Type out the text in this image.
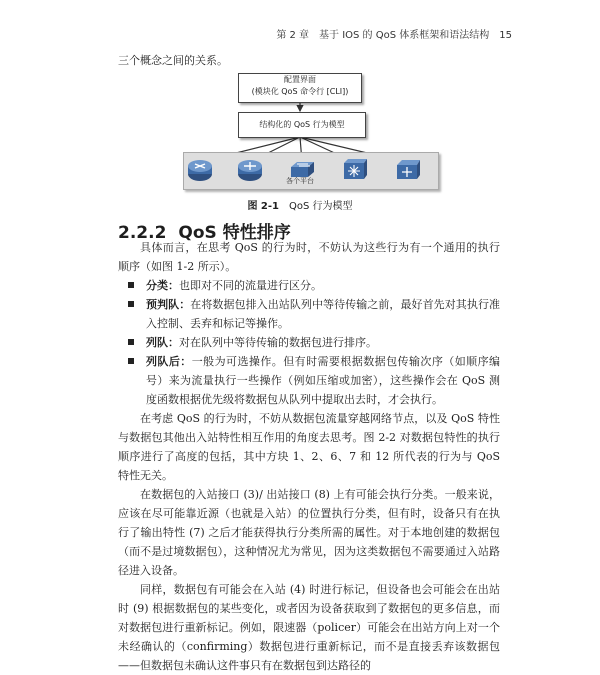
第 2 章　基于 IOS 的 QoS 体系框架和语法结构 15
三个概念之间的关系。
配置界面
(模块化 QoS 命令行 [CLI])
结构化的 QoS 行为模型
各个平台
图 2-1 QoS 行为模型
2.2.2 QoS 特性排序

具体而言，在思考 QoS 的行为时，不妨认为这些行为有一个通用的执行顺序（如图 1-2 所示）。

分类：也即对不同的流量进行区分。

预判队：在将数据包排入出站队列中等待传输之前，最好首先对其执行准入控制、丢弃和标记等操作。

列队：对在队列中等待传输的数据包进行排序。

列队后：一般为可选操作。但有时需要根据数据包传输次序（如顺序编号）来为流量执行一些操作（例如压缩或加密），这些操作会在 QoS 测度函数根据优先级将数据包从队列中提取出去时，才会执行。

在考虑 QoS 的行为时，不妨从数据包流量穿越网络节点，以及 QoS 特性与数据包其他出入站特性相互作用的角度去思考。图 2-2 对数据包特性的执行顺序进行了高度的包括，其中方块 1、2、6、7 和 12 所代表的行为与 QoS 特性无关。

在数据包的入站接口 (3)/ 出站接口 (8) 上有可能会执行分类。一般来说，应该在尽可能靠近源（也就是入站）的位置执行分类，但有时，设备只有在执行了输出特性 (7) 之后才能获得执行分类所需的属性。对于本地创建的数据包（而不是过境数据包），这种情况尤为常见，因为这类数据包不需要通过入站路径进入设备。

同样，数据包有可能会在入站 (4) 时进行标记，但设备也会可能会在出站时 (9) 根据数据包的某些变化，或者因为设备获取到了数据包的更多信息，而对数据包进行重新标记。例如，限速器（policer）可能会在出站方向上对一个未经确认的（confirming）数据包进行重新标记，而不是直接丢弃该数据包——但数据包未确认这件事只有在数据包到达路径的
